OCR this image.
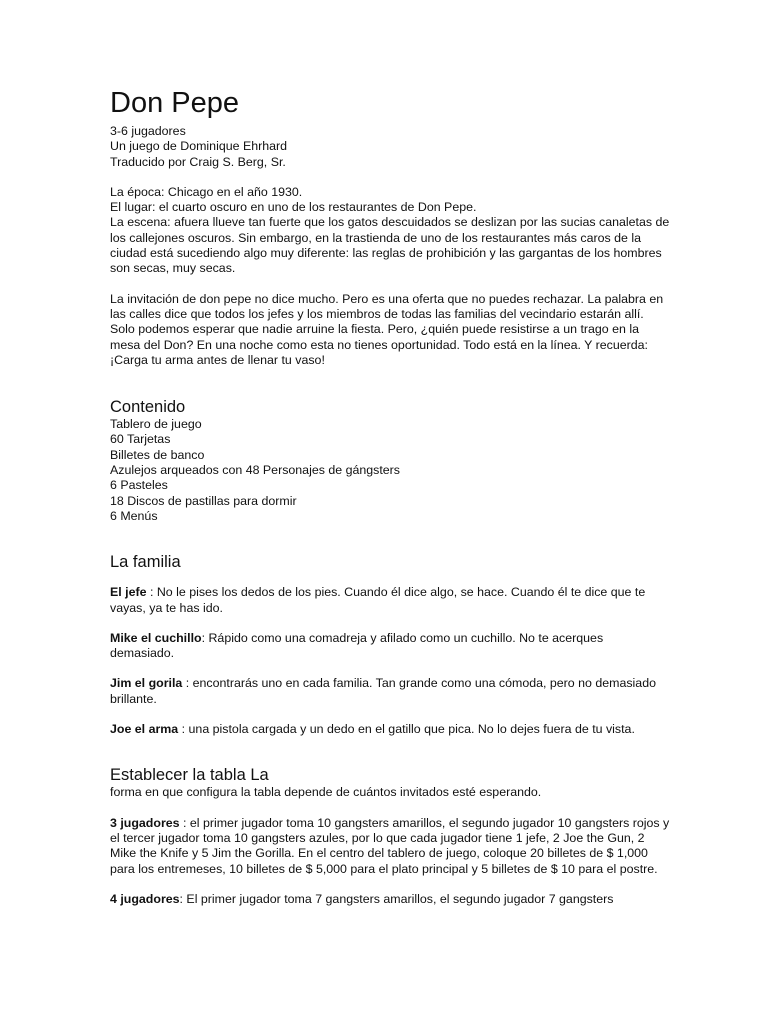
Don Pepe
3-6 jugadores
Un juego de Dominique Ehrhard
Traducido por Craig S. Berg, Sr.

La época: Chicago en el año 1930.

El lugar: el cuarto oscuro en uno de los restaurantes de Don Pepe.

La escena: afuera llueve tan fuerte que los gatos descuidados se deslizan por las sucias canaletas de los callejones oscuros. Sin embargo, en la trastienda de uno de los restaurantes más caros de la ciudad está sucediendo algo muy diferente: las reglas de prohibición y las gargantas de los hombres son secas, muy secas.

La invitación de don pepe no dice mucho. Pero es una oferta que no puedes rechazar. La palabra en las calles dice que todos los jefes y los miembros de todas las familias del vecindario estarán allí. Solo podemos esperar que nadie arruine la fiesta. Pero, ¿quién puede resistirse a un trago en la mesa del Don? En una noche como esta no tienes oportunidad. Todo está en la línea. Y recuerda: ¡Carga tu arma antes de llenar tu vaso!

Contenido
Tablero de juego
60 Tarjetas
Billetes de banco
Azulejos arqueados con 48 Personajes de gángsters
6 Pasteles
18 Discos de pastillas para dormir
6 Menús
La familia

El jefe : No le pises los dedos de los pies. Cuando él dice algo, se hace. Cuando él te dice que te vayas, ya te has ido.

Mike el cuchillo: Rápido como una comadreja y afilado como un cuchillo. No te acerques demasiado.

Jim el gorila : encontrarás uno en cada familia. Tan grande como una cómoda, pero no demasiado brillante.

Joe el arma : una pistola cargada y un dedo en el gatillo que pica. No lo dejes fuera de tu vista.

Establecer la tabla La

forma en que configura la tabla depende de cuántos invitados esté esperando.

3 jugadores : el primer jugador toma 10 gangsters amarillos, el segundo jugador 10 gangsters rojos y el tercer jugador toma 10 gangsters azules, por lo que cada jugador tiene 1 jefe, 2 Joe the Gun, 2 Mike the Knife y 5 Jim the Gorilla. En el centro del tablero de juego, coloque 20 billetes de $ 1,000 para los entremeses, 10 billetes de $ 5,000 para el plato principal y 5 billetes de $ 10 para el postre.

4 jugadores: El primer jugador toma 7 gangsters amarillos, el segundo jugador 7 gangsters
